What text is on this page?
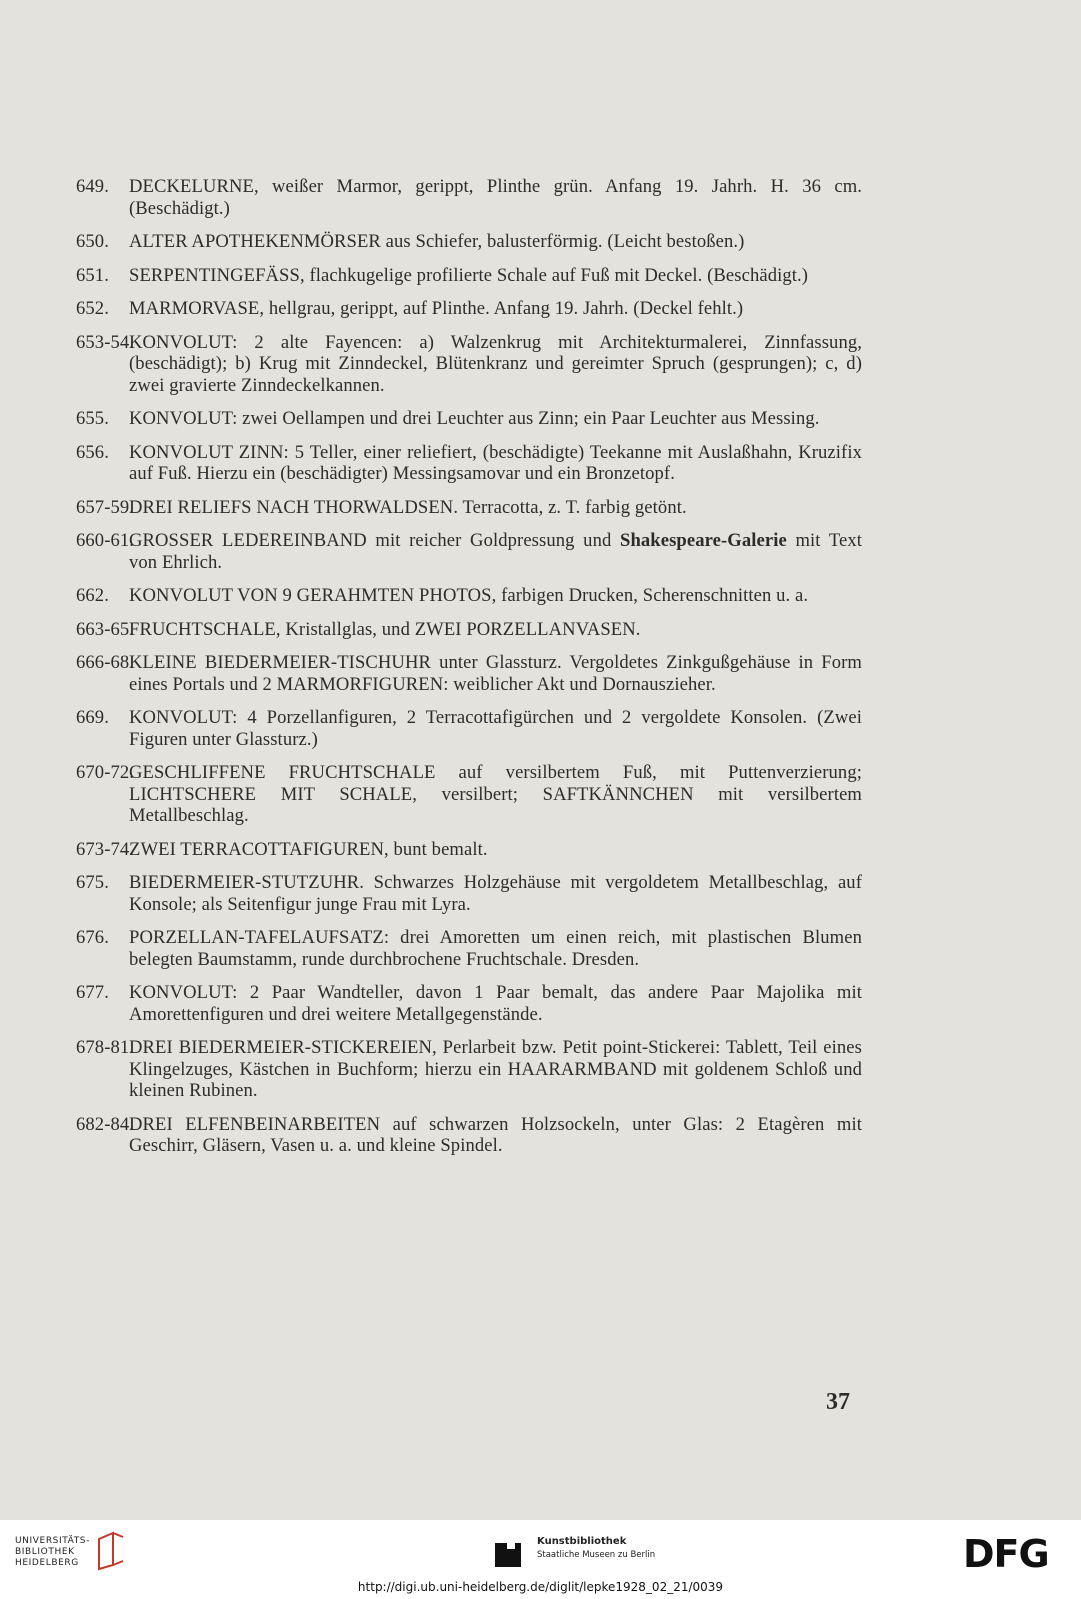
649. DECKELURNE, weißer Marmor, gerippt, Plinthe grün. Anfang 19. Jahrh. H. 36 cm. (Beschädigt.)
650. ALTER APOTHEKENMÖRSER aus Schiefer, balusterförmig. (Leicht bestoßen.)
651. SERPENTINGEFÄSS, flachkugelige profilierte Schale auf Fuß mit Deckel. (Beschädigt.)
652. MARMORVASE, hellgrau, gerippt, auf Plinthe. Anfang 19. Jahrh. (Deckel fehlt.)
653-54.
KONVOLUT: 2 alte Fayencen: a) Walzenkrug mit Architekturmalerei, Zinnfassung, (beschädigt); b) Krug mit Zinndeckel, Blütenkranz und gereimter Spruch (gesprungen); c, d) zwei gravierte Zinndeckelkannen.
655. KONVOLUT: zwei Oellampen und drei Leuchter aus Zinn; ein Paar Leuchter aus Messing.
656. KONVOLUT ZINN: 5 Teller, einer reliefiert, (beschädigte) Teekanne mit Auslaßhahn, Kruzifix auf Fuß. Hierzu ein (beschädigter) Messingsamovar und ein Bronzetopf.
657-59.
DREI RELIEFS NACH THORWALDSEN. Terracotta, z. T. farbig getönt.
660-61.
GROSSER LEDEREINBAND mit reicher Goldpressung und Shakespeare-Galerie mit Text von Ehrlich.
662. KONVOLUT VON 9 GERAHMTEN PHOTOS, farbigen Drucken, Scherenschnitten u. a.
663-65.
FRUCHTSCHALE, Kristallglas, und ZWEI PORZELLANVASEN.
666-68.
KLEINE BIEDERMEIER-TISCHUHR unter Glassturz. Vergoldetes Zinkgußgehäuse in Form eines Portals und 2 MARMORFIGUREN: weiblicher Akt und Dornauszieher.
669. KONVOLUT: 4 Porzellanfiguren, 2 Terracottafigürchen und 2 vergoldete Konsolen. (Zwei Figuren unter Glassturz.)
670-72.
GESCHLIFFENE FRUCHTSCHALE auf versilbertem Fuß, mit Puttenverzierung; LICHTSCHERE MIT SCHALE, versilbert; SAFTKÄNNCHEN mit versilbertem Metallbeschlag.
673-74.
ZWEI TERRACOTTAFIGUREN, bunt bemalt.
675. BIEDERMEIER-STUTZUHR. Schwarzes Holzgehäuse mit vergoldetem Metallbeschlag, auf Konsole; als Seitenfigur junge Frau mit Lyra.
676. PORZELLAN-TAFELAUFSATZ: drei Amoretten um einen reich, mit plastischen Blumen belegten Baumstamm, runde durchbrochene Fruchtschale. Dresden.
677. KONVOLUT: 2 Paar Wandteller, davon 1 Paar bemalt, das andere Paar Majolika mit Amorettenfiguren und drei weitere Metallgegenstände.
678-81.
DREI BIEDERMEIER-STICKEREIEN, Perlarbeit bzw. Petit point-Stickerei: Tablett, Teil eines Klingelzuges, Kästchen in Buchform; hierzu ein HAARARMBAND mit goldenem Schloß und kleinen Rubinen.
682-84.
DREI ELFENBEINARBEITEN auf schwarzen Holzsockeln, unter Glas: 2 Etagèren mit Geschirr, Gläsern, Vasen u. a. und kleine Spindel.
37
UNIVERSITÄTS-
BIBLIOTHEK
HEIDELBERG
Kunstbibliothek
Staatliche Museen zu Berlin	DFG
http://digi.ub.uni-heidelberg.de/diglit/lepke1928_02_21/0039
